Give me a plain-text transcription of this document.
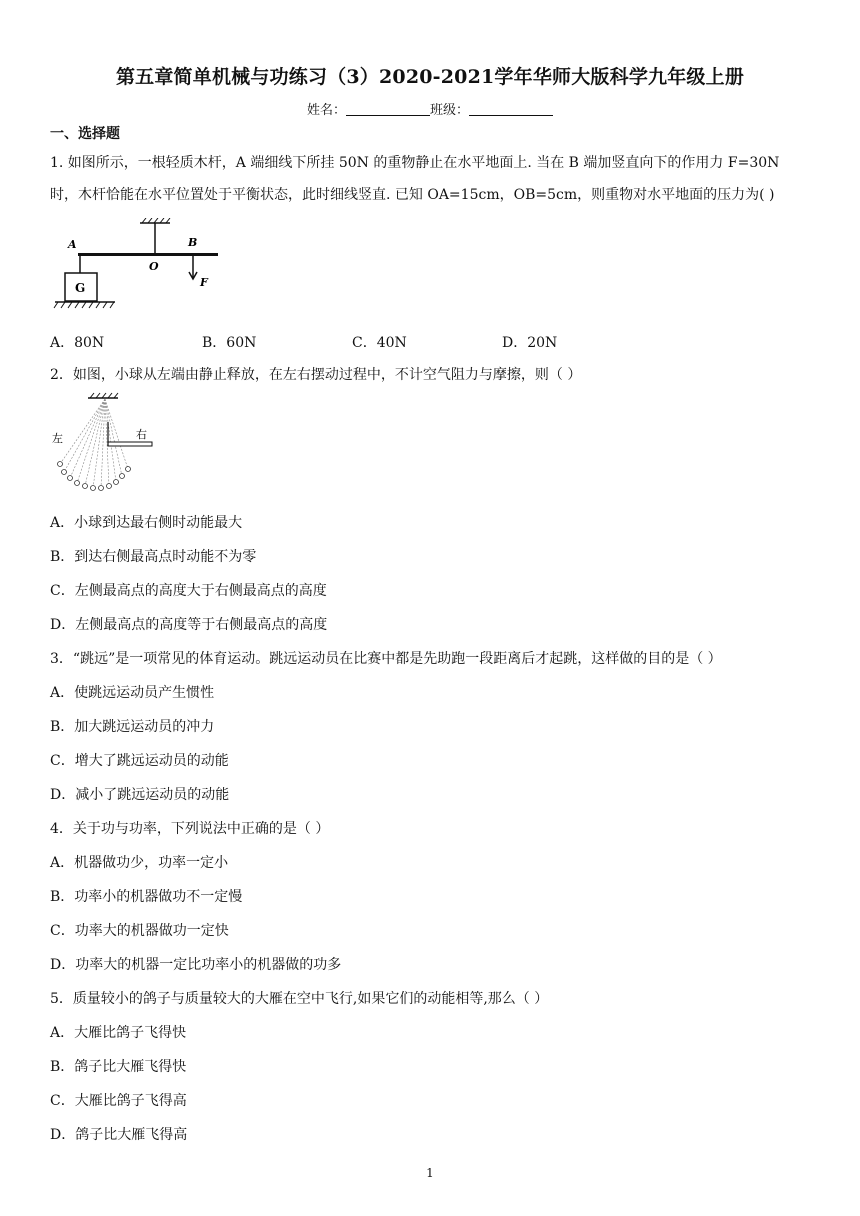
第五章简单机械与功练习（3）2020-2021学年华师大版科学九年级上册
姓名：	班级：
一、选择题
1. 如图所示，一根轻质木杆，A 端细线下所挂 50N 的重物静止在水平地面上. 当在 B 端加竖直向下的作用力 F=30N
时，木杆恰能在水平位置处于平衡状态，此时细线竖直. 已知 OA=15cm，OB=5cm，则重物对水平地面的压力为( )
A
O
B
F
G
A．80N	B．60N	C．40N	D．20N
2．如图，小球从左端由静止释放，在左右摆动过程中，不计空气阻力与摩擦，则（ ）
左	右
A．小球到达最右侧时动能最大
B．到达右侧最高点时动能不为零
C．左侧最高点的高度大于右侧最高点的高度
D．左侧最高点的高度等于右侧最高点的高度
3．“跳远”是一项常见的体育运动。跳远运动员在比赛中都是先助跑一段距离后才起跳，这样做的目的是（ ）
A．使跳远运动员产生惯性
B．加大跳远运动员的冲力
C．增大了跳远运动员的动能
D．减小了跳远运动员的动能
4．关于功与功率，下列说法中正确的是（ ）
A．机器做功少，功率一定小
B．功率小的机器做功不一定慢
C．功率大的机器做功一定快
D．功率大的机器一定比功率小的机器做的功多
5．质量较小的鸽子与质量较大的大雁在空中飞行,如果它们的动能相等,那么（ ）
A．大雁比鸽子飞得快
B．鸽子比大雁飞得快
C．大雁比鸽子飞得高
D．鸽子比大雁飞得高
1
